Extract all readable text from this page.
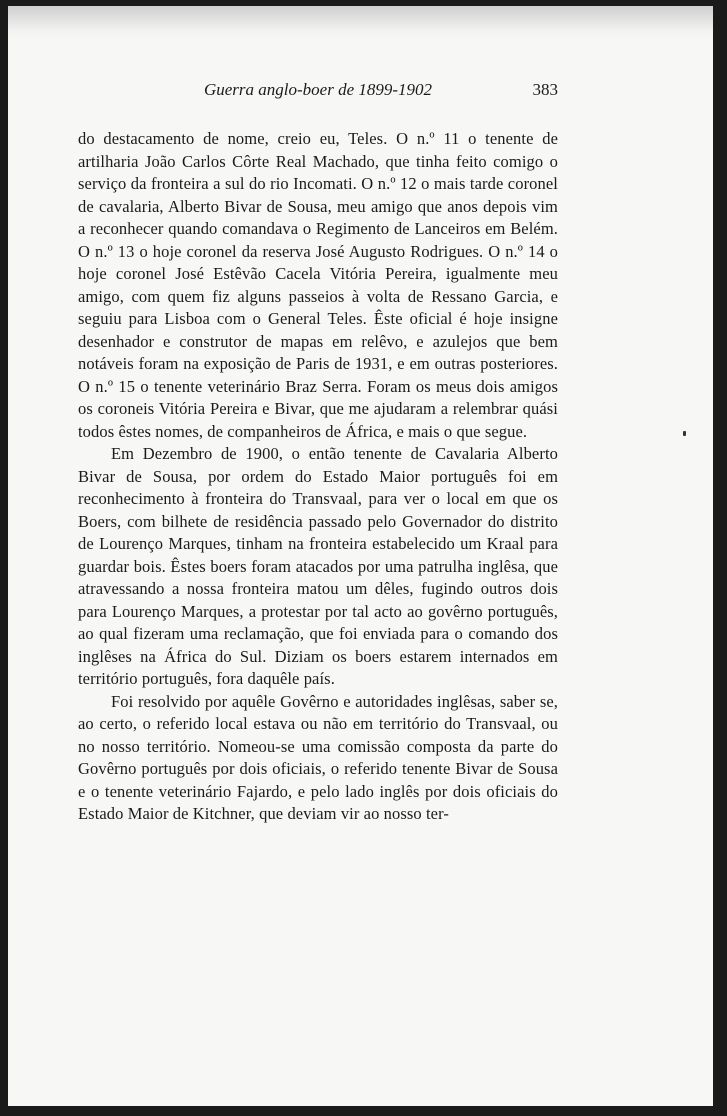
Guerra anglo-boer de 1899-1902	383

do destacamento de nome, creio eu, Teles. O n.º 11 o tenente de artilharia João Carlos Côrte Real Machado, que tinha feito comigo o serviço da fronteira a sul do rio Incomati. O n.º 12 o mais tarde coronel de cavalaria, Alberto Bivar de Sousa, meu amigo que anos depois vim a reconhecer quando comandava o Regimento de Lanceiros em Belém. O n.º 13 o hoje coronel da reserva José Augusto Rodrigues. O n.º 14 o hoje coronel José Estêvão Cacela Vitória Pereira, igualmente meu amigo, com quem fiz alguns passeios à volta de Ressano Garcia, e seguiu para Lisboa com o General Teles. Êste oficial é hoje insigne desenhador e construtor de mapas em relêvo, e azulejos que bem notáveis foram na exposição de Paris de 1931, e em outras posteriores. O n.º 15 o tenente veterinário Braz Serra. Foram os meus dois amigos os coroneis Vitória Pereira e Bivar, que me ajudaram a relembrar quási todos êstes nomes, de companheiros de África, e mais o que segue.

Em Dezembro de 1900, o então tenente de Cavalaria Alberto Bivar de Sousa, por ordem do Estado Maior português foi em reconhecimento à fronteira do Transvaal, para ver o local em que os Boers, com bilhete de residência passado pelo Governador do distrito de Lourenço Marques, tinham na fronteira estabelecido um Kraal para guardar bois. Êstes boers foram atacados por uma patrulha inglêsa, que atravessando a nossa fronteira matou um dêles, fugindo outros dois para Lourenço Marques, a protestar por tal acto ao govêrno português, ao qual fizeram uma reclamação, que foi enviada para o comando dos inglêses na África do Sul. Diziam os boers estarem internados em território português, fora daquêle país.

Foi resolvido por aquêle Govêrno e autoridades inglêsas, saber se, ao certo, o referido local estava ou não em território do Transvaal, ou no nosso território. Nomeou-se uma comissão composta da parte do Govêrno português por dois oficiais, o referido tenente Bivar de Sousa e o tenente veterinário Fajardo, e pelo lado inglês por dois oficiais do Estado Maior de Kitchner, que deviam vir ao nosso ter-
